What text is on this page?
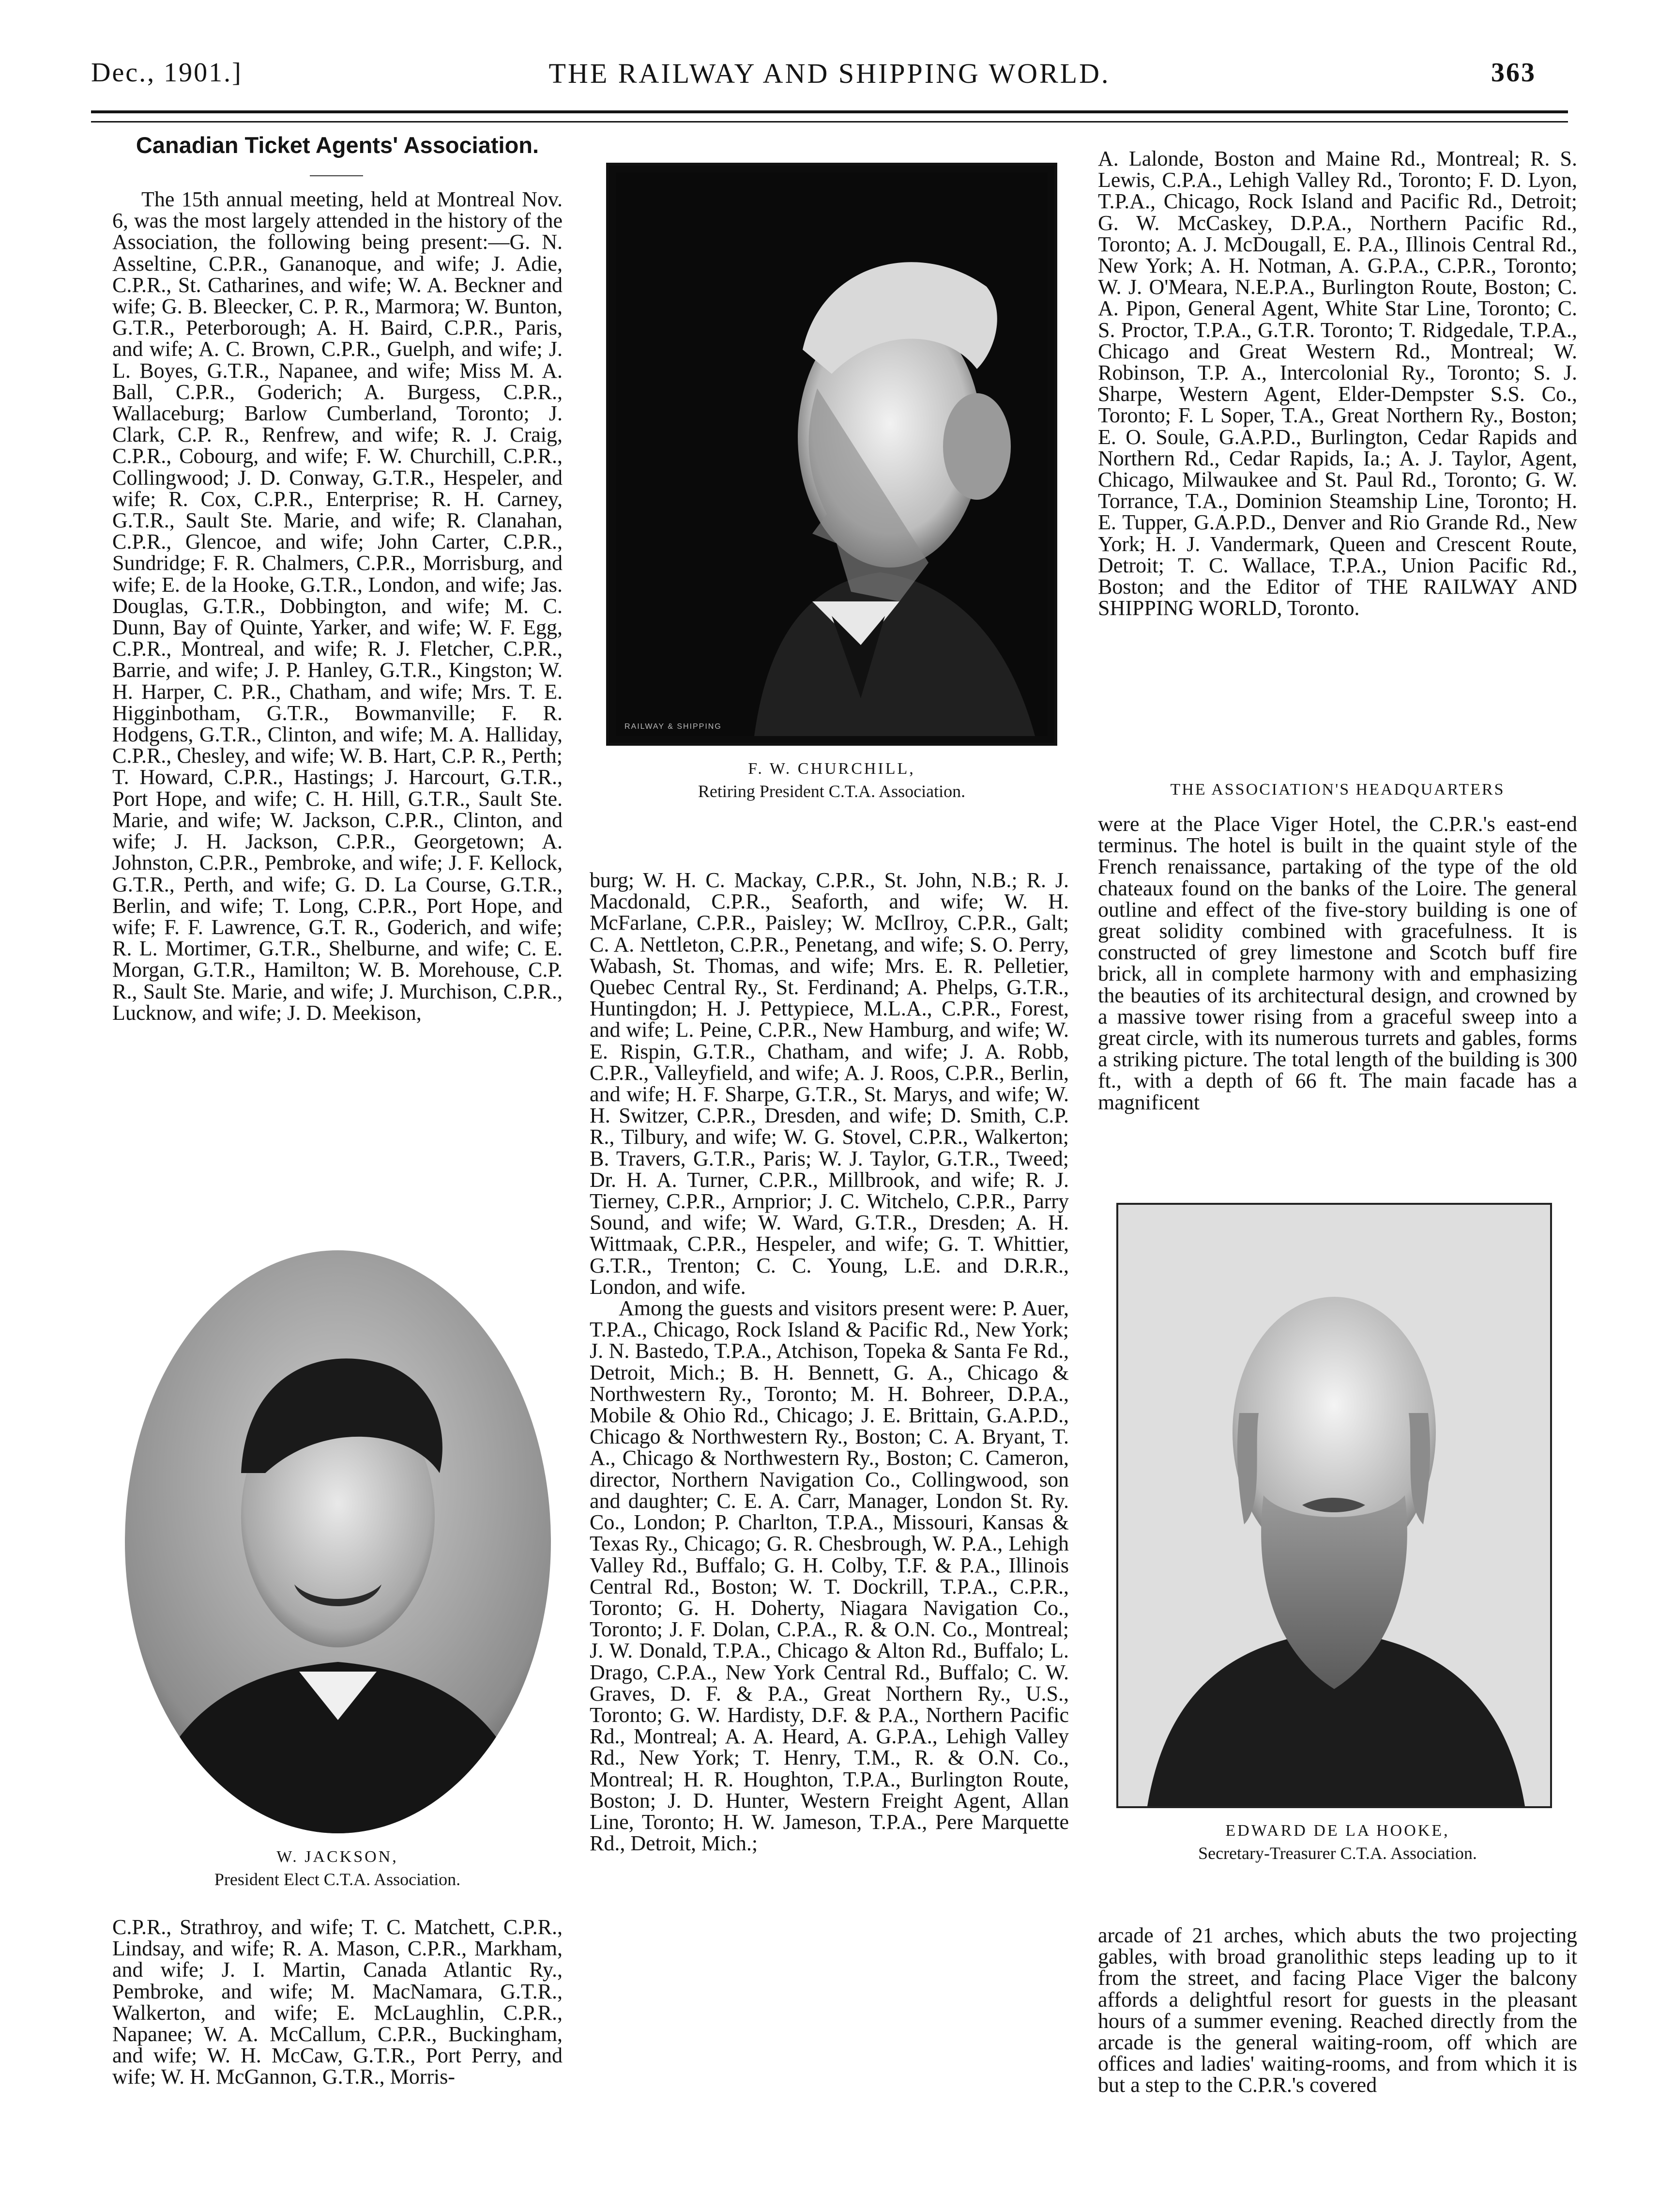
Dec., 1901.]	THE RAILWAY AND SHIPPING WORLD.	363
Canadian Ticket Agents' Association.

The 15th annual meeting, held at Montreal Nov. 6, was the most largely attended in the history of the Association, the following being present:—G. N. Asseltine, C.P.R., Gananoque, and wife; J. Adie, C.P.R., St. Catharines, and wife; W. A. Beckner and wife; G. B. Bleecker, C. P. R., Marmora; W. Bunton, G.T.R., Peterborough; A. H. Baird, C.P.R., Paris, and wife; A. C. Brown, C.P.R., Guelph, and wife; J. L. Boyes, G.T.R., Napanee, and wife; Miss M. A. Ball, C.P.R., Goderich; A. Burgess, C.P.R., Wallaceburg; Barlow Cumberland, Toronto; J. Clark, C.P. R., Renfrew, and wife; R. J. Craig, C.P.R., Cobourg, and wife; F. W. Churchill, C.P.R., Collingwood; J. D. Conway, G.T.R., Hespeler, and wife; R. Cox, C.P.R., Enterprise; R. H. Carney, G.T.R., Sault Ste. Marie, and wife; R. Clanahan, C.P.R., Glencoe, and wife; John Carter, C.P.R., Sundridge; F. R. Chalmers, C.P.R., Morrisburg, and wife; E. de la Hooke, G.T.R., London, and wife; Jas. Douglas, G.T.R., Dobbington, and wife; M. C. Dunn, Bay of Quinte, Yarker, and wife; W. F. Egg, C.P.R., Montreal, and wife; R. J. Fletcher, C.P.R., Barrie, and wife; J. P. Hanley, G.T.R., Kingston; W. H. Harper, C. P.R., Chatham, and wife; Mrs. T. E. Higginbotham, G.T.R., Bowmanville; F. R. Hodgens, G.T.R., Clinton, and wife; M. A. Halliday, C.P.R., Chesley, and wife; W. B. Hart, C.P. R., Perth; T. Howard, C.P.R., Hastings; J. Harcourt, G.T.R., Port Hope, and wife; C. H. Hill, G.T.R., Sault Ste. Marie, and wife; W. Jackson, C.P.R., Clinton, and wife; J. H. Jackson, C.P.R., Georgetown; A. Johnston, C.P.R., Pembroke, and wife; J. F. Kellock, G.T.R., Perth, and wife; G. D. La Course, G.T.R., Berlin, and wife; T. Long, C.P.R., Port Hope, and wife; F. F. Lawrence, G.T. R., Goderich, and wife; R. L. Mortimer, G.T.R., Shelburne, and wife; C. E. Morgan, G.T.R., Hamilton; W. B. Morehouse, C.P. R., Sault Ste. Marie, and wife; J. Murchison, C.P.R., Lucknow, and wife; J. D. Meekison,

RAILWAY & SHIPPING
F. W. CHURCHILL,
Retiring President C.T.A. Association.

burg; W. H. C. Mackay, C.P.R., St. John, N.B.; R. J. Macdonald, C.P.R., Seaforth, and wife; W. H. McFarlane, C.P.R., Paisley; W. McIlroy, C.P.R., Galt; C. A. Nettleton, C.P.R., Penetang, and wife; S. O. Perry, Wabash, St. Thomas, and wife; Mrs. E. R. Pelletier, Quebec Central Ry., St. Ferdinand; A. Phelps, G.T.R., Huntingdon; H. J. Pettypiece, M.L.A., C.P.R., Forest, and wife; L. Peine, C.P.R., New Hamburg, and wife; W. E. Rispin, G.T.R., Chatham, and wife; J. A. Robb, C.P.R., Valleyfield, and wife; A. J. Roos, C.P.R., Berlin, and wife; H. F. Sharpe, G.T.R., St. Marys, and wife; W. H. Switzer, C.P.R., Dresden, and wife; D. Smith, C.P. R., Tilbury, and wife; W. G. Stovel, C.P.R., Walkerton; B. Travers, G.T.R., Paris; W. J. Taylor, G.T.R., Tweed; Dr. H. A. Turner, C.P.R., Millbrook, and wife; R. J. Tierney, C.P.R., Arnprior; J. C. Witchelo, C.P.R., Parry Sound, and wife; W. Ward, G.T.R., Dresden; A. H. Wittmaak, C.P.R., Hespeler, and wife; G. T. Whittier, G.T.R., Trenton; C. C. Young, L.E. and D.R.R., London, and wife.

Among the guests and visitors present were: P. Auer, T.P.A., Chicago, Rock Island & Pacific Rd., New York; J. N. Bastedo, T.P.A., Atchison, Topeka & Santa Fe Rd., Detroit, Mich.; B. H. Bennett, G. A., Chicago & Northwestern Ry., Toronto; M. H. Bohreer, D.P.A., Mobile & Ohio Rd., Chicago; J. E. Brittain, G.A.P.D., Chicago & Northwestern Ry., Boston; C. A. Bryant, T. A., Chicago & Northwestern Ry., Boston; C. Cameron, director, Northern Navigation Co., Collingwood, son and daughter; C. E. A. Carr, Manager, London St. Ry. Co., London; P. Charlton, T.P.A., Missouri, Kansas & Texas Ry., Chicago; G. R. Chesbrough, W. P.A., Lehigh Valley Rd., Buffalo; G. H. Colby, T.F. & P.A., Illinois Central Rd., Boston; W. T. Dockrill, T.P.A., C.P.R., Toronto; G. H. Doherty, Niagara Navigation Co., Toronto; J. F. Dolan, C.P.A., R. & O.N. Co., Montreal; J. W. Donald, T.P.A., Chicago & Alton Rd., Buffalo; L. Drago, C.P.A., New York Central Rd., Buffalo; C. W. Graves, D. F. & P.A., Great Northern Ry., U.S., Toronto; G. W. Hardisty, D.F. & P.A., Northern Pacific Rd., Montreal; A. A. Heard, A. G.P.A., Lehigh Valley Rd., New York; T. Henry, T.M., R. & O.N. Co., Montreal; H. R. Houghton, T.P.A., Burlington Route, Boston; J. D. Hunter, Western Freight Agent, Allan Line, Toronto; H. W. Jameson, T.P.A., Pere Marquette Rd., Detroit, Mich.;

W. JACKSON,
President Elect C.T.A. Association.

C.P.R., Strathroy, and wife; T. C. Matchett, C.P.R., Lindsay, and wife; R. A. Mason, C.P.R., Markham, and wife; J. I. Martin, Canada Atlantic Ry., Pembroke, and wife; M. MacNamara, G.T.R., Walkerton, and wife; E. McLaughlin, C.P.R., Napanee; W. A. McCallum, C.P.R., Buckingham, and wife; W. H. McCaw, G.T.R., Port Perry, and wife; W. H. McGannon, G.T.R., Morris-

A. Lalonde, Boston and Maine Rd., Montreal; R. S. Lewis, C.P.A., Lehigh Valley Rd., Toronto; F. D. Lyon, T.P.A., Chicago, Rock Island and Pacific Rd., Detroit; G. W. McCaskey, D.P.A., Northern Pacific Rd., Toronto; A. J. McDougall, E. P.A., Illinois Central Rd., New York; A. H. Notman, A. G.P.A., C.P.R., Toronto; W. J. O'Meara, N.E.P.A., Burlington Route, Boston; C. A. Pipon, General Agent, White Star Line, Toronto; C. S. Proctor, T.P.A., G.T.R. Toronto; T. Ridgedale, T.P.A., Chicago and Great Western Rd., Montreal; W. Robinson, T.P. A., Intercolonial Ry., Toronto; S. J. Sharpe, Western Agent, Elder-Dempster S.S. Co., Toronto; F. L Soper, T.A., Great Northern Ry., Boston; E. O. Soule, G.A.P.D., Burlington, Cedar Rapids and Northern Rd., Cedar Rapids, Ia.; A. J. Taylor, Agent, Chicago, Milwaukee and St. Paul Rd., Toronto; G. W. Torrance, T.A., Dominion Steamship Line, Toronto; H. E. Tupper, G.A.P.D., Denver and Rio Grande Rd., New York; H. J. Vandermark, Queen and Crescent Route, Detroit; T. C. Wallace, T.P.A., Union Pacific Rd., Boston; and the Editor of THE RAILWAY AND SHIPPING WORLD, Toronto.

THE ASSOCIATION'S HEADQUARTERS

were at the Place Viger Hotel, the C.P.R.'s east-end terminus. The hotel is built in the quaint style of the French renaissance, partaking of the type of the old chateaux found on the banks of the Loire. The general outline and effect of the five-story building is one of great solidity combined with gracefulness. It is constructed of grey limestone and Scotch buff fire brick, all in complete harmony with and emphasizing the beauties of its architectural design, and crowned by a massive tower rising from a graceful sweep into a great circle, with its numerous turrets and gables, forms a striking picture. The total length of the building is 300 ft., with a depth of 66 ft. The main facade has a magnificent

EDWARD DE LA HOOKE,
Secretary-Treasurer C.T.A. Association.

arcade of 21 arches, which abuts the two projecting gables, with broad granolithic steps leading up to it from the street, and facing Place Viger the balcony affords a delightful resort for guests in the pleasant hours of a summer evening. Reached directly from the arcade is the general waiting-room, off which are offices and ladies' waiting-rooms, and from which it is but a step to the C.P.R.'s covered
